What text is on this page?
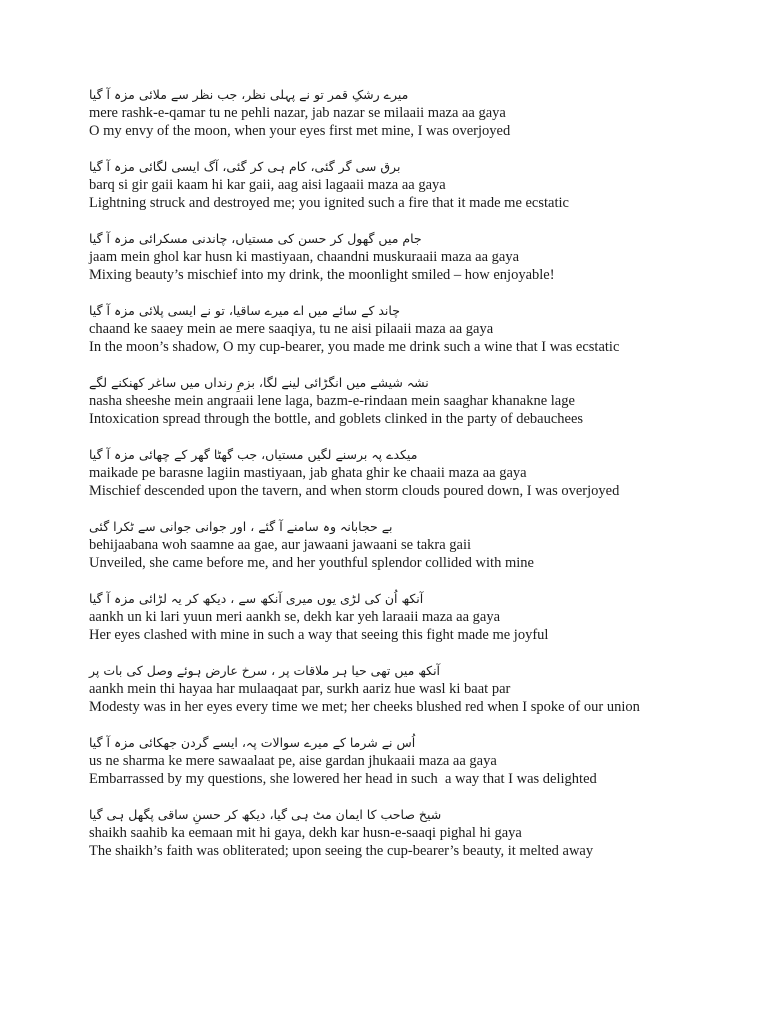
میرے رشکِ قمر تو نے پہلی نظر، جب نظر سے ملائی مزہ آ گیا
mere rashk-e-qamar tu ne pehli nazar, jab nazar se milaaii maza aa gaya
O my envy of the moon, when your eyes first met mine, I was overjoyed
برق سی گر گئی، کام ہی کر گئی، آگ ایسی لگائی مزہ آ گیا
barq si gir gaii kaam hi kar gaii, aag aisi lagaaii maza aa gaya
Lightning struck and destroyed me; you ignited such a fire that it made me ecstatic
جام میں گھول کر حسن کی مستیاں، چاندنی مسکرائی مزہ آ گیا
jaam mein ghol kar husn ki mastiyaan, chaandni muskuraaii maza aa gaya
Mixing beauty’s mischief into my drink, the moonlight smiled – how enjoyable!
چاند کے سائے میں اے میرے ساقیا، تو نے ایسی پلائی مزہ آ گیا
chaand ke saaey mein ae mere saaqiya, tu ne aisi pilaaii maza aa gaya
In the moon’s shadow, O my cup-bearer, you made me drink such a wine that I was ecstatic
نشہ شیشے میں انگڑائی لینے لگا، بزمِ رنداں میں ساغر کھنکنے لگے
nasha sheeshe mein angraaii lene laga, bazm-e-rindaan mein saaghar khanakne lage
Intoxication spread through the bottle, and goblets clinked in the party of debauchees
میکدے پہ برسنے لگیں مستیاں، جب گھٹا گھر کے چھائی مزہ آ گیا
maikade pe barasne lagiin mastiyaan, jab ghata ghir ke chaaii maza aa gaya
Mischief descended upon the tavern, and when storm clouds poured down, I was overjoyed
بے حجابانہ وہ سامنے آ گئے ، اور جوانی جوانی سے ٹکرا گئی
behijaabana woh saamne aa gae, aur jawaani jawaani se takra gaii
Unveiled, she came before me, and her youthful splendor collided with mine
آنکھ اُن کی لڑی یوں میری آنکھ سے ، دیکھ کر یہ لڑائی مزہ آ گیا
aankh un ki lari yuun meri aankh se, dekh kar yeh laraaii maza aa gaya
Her eyes clashed with mine in such a way that seeing this fight made me joyful
آنکھ میں تھی حیا ہر ملاقات پر ، سرخ عارض ہوئے وصل کی بات پر
aankh mein thi hayaa har mulaaqaat par, surkh aariz hue wasl ki baat par
Modesty was in her eyes every time we met; her cheeks blushed red when I spoke of our union
اُس نے شرما کے میرے سوالات پہ، ایسے گردن جھکائی مزہ آ گیا
us ne sharma ke mere sawaalaat pe, aise gardan jhukaaii maza aa gaya
Embarrassed by my questions, she lowered her head in such  a way that I was delighted
شیخ صاحب کا ایمان مٹ ہی گیا، دیکھ کر حسنِ ساقی پگھل ہی گیا
shaikh saahib ka eemaan mit hi gaya, dekh kar husn-e-saaqi pighal hi gaya
The shaikh’s faith was obliterated; upon seeing the cup-bearer’s beauty, it melted away
